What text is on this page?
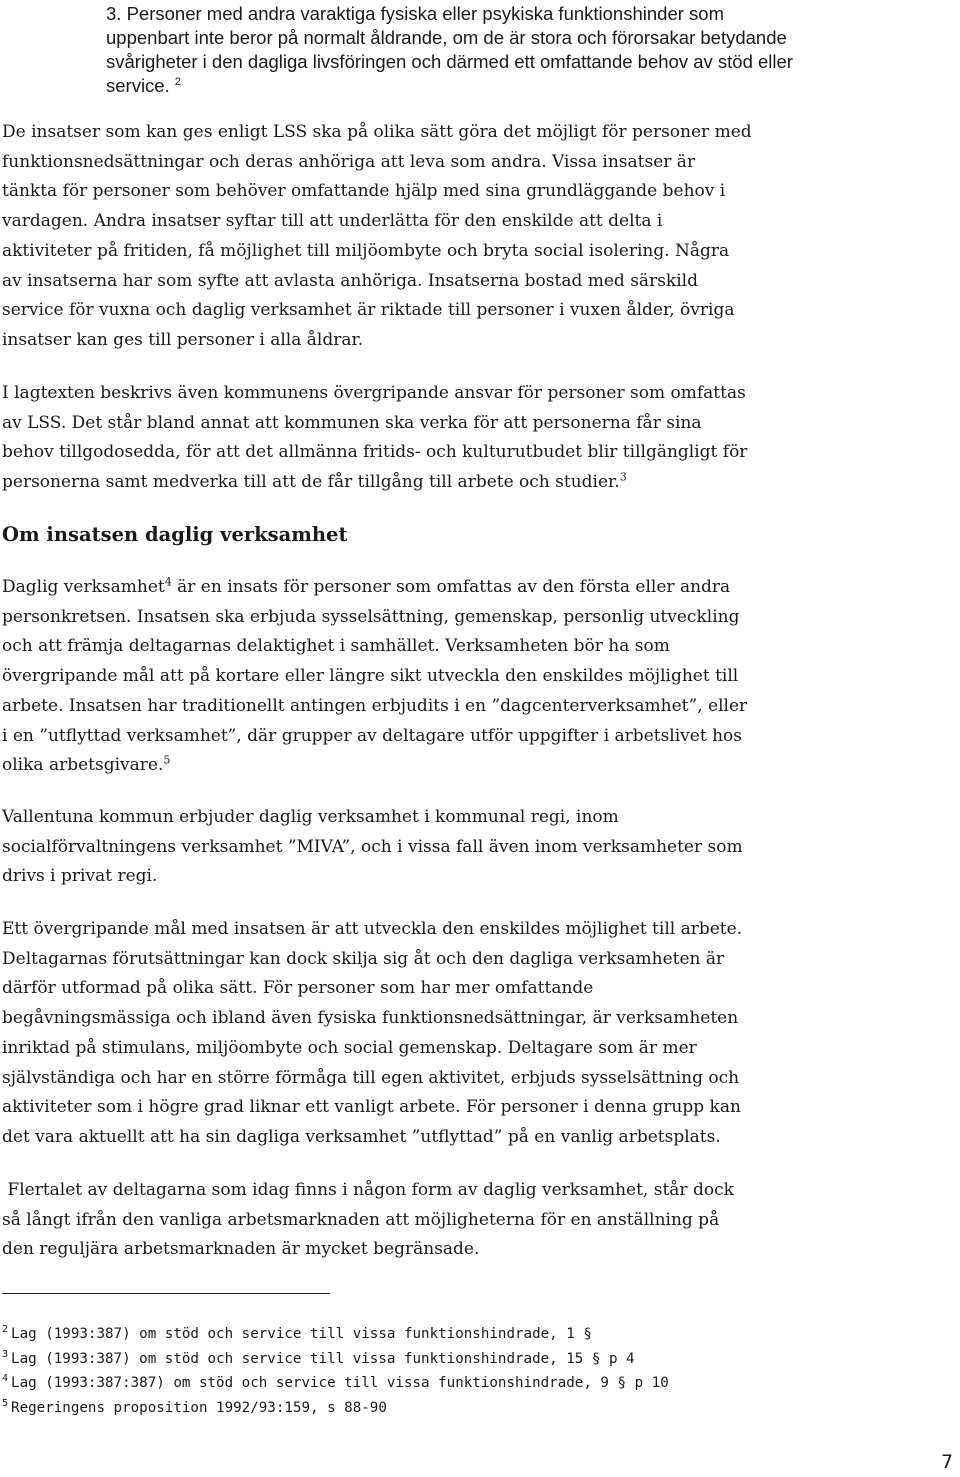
3. Personer med andra varaktiga fysiska eller psykiska funktionshinder som
uppenbart inte beror på normalt åldrande, om de är stora och förorsakar betydande
svårigheter i den dagliga livsföringen och därmed ett omfattande behov av stöd eller
service. $^2$

De insatser som kan ges enligt LSS ska på olika sätt göra det möjligt för personer med
funktionsnedsättningar och deras anhöriga att leva som andra. Vissa insatser är
tänkta för personer som behöver omfattande hjälp med sina grundläggande behov i
vardagen. Andra insatser syftar till att underlätta för den enskilde att delta i
aktiviteter på fritiden, få möjlighet till miljöombyte och bryta social isolering. Några
av insatserna har som syfte att avlasta anhöriga. Insatserna bostad med särskild
service för vuxna och daglig verksamhet är riktade till personer i vuxen ålder, övriga
insatser kan ges till personer i alla åldrar.

I lagtexten beskrivs även kommunens övergripande ansvar för personer som omfattas
av LSS. Det står bland annat att kommunen ska verka för att personerna får sina
behov tillgodosedda, för att det allmänna fritids- och kulturutbudet blir tillgängligt för
personerna samt medverka till att de får tillgång till arbete och studier.$^3$

Om insatsen daglig verksamhet

Daglig verksamhet$^4$ är en insats för personer som omfattas av den första eller andra
personkretsen. Insatsen ska erbjuda sysselsättning, gemenskap, personlig utveckling
och att främja deltagarnas delaktighet i samhället. Verksamheten bör ha som
övergripande mål att på kortare eller längre sikt utveckla den enskildes möjlighet till
arbete. Insatsen har traditionellt antingen erbjudits i en ”dagcenterverksamhet”, eller
i en ”utflyttad verksamhet”, där grupper av deltagare utför uppgifter i arbetslivet hos
olika arbetsgivare.$^5$

Vallentuna kommun erbjuder daglig verksamhet i kommunal regi, inom
socialförvaltningens verksamhet ”MIVA”, och i vissa fall även inom verksamheter som
drivs i privat regi.

Ett övergripande mål med insatsen är att utveckla den enskildes möjlighet till arbete.
Deltagarnas förutsättningar kan dock skilja sig åt och den dagliga verksamheten är
därför utformad på olika sätt. För personer som har mer omfattande
begåvningsmässiga och ibland även fysiska funktionsnedsättningar, är verksamheten
inriktad på stimulans, miljöombyte och social gemenskap. Deltagare som är mer
självständiga och har en större förmåga till egen aktivitet, erbjuds sysselsättning och
aktiviteter som i högre grad liknar ett vanligt arbete. För personer i denna grupp kan
det vara aktuellt att ha sin dagliga verksamhet ”utflyttad” på en vanlig arbetsplats.

Flertalet av deltagarna som idag finns i någon form av daglig verksamhet, står dock
så långt ifrån den vanliga arbetsmarknaden att möjligheterna för en anställning på
den reguljära arbetsmarknaden är mycket begränsade.

$^2$ Lag (1993:387) om stöd och service till vissa funktionshindrade, 1 §
$^3$ Lag (1993:387) om stöd och service till vissa funktionshindrade, 15 § p 4
$^4$ Lag (1993:387:387) om stöd och service till vissa funktionshindrade, 9 § p 10
$^5$ Regeringens proposition 1992/93:159, s 88-90
7
